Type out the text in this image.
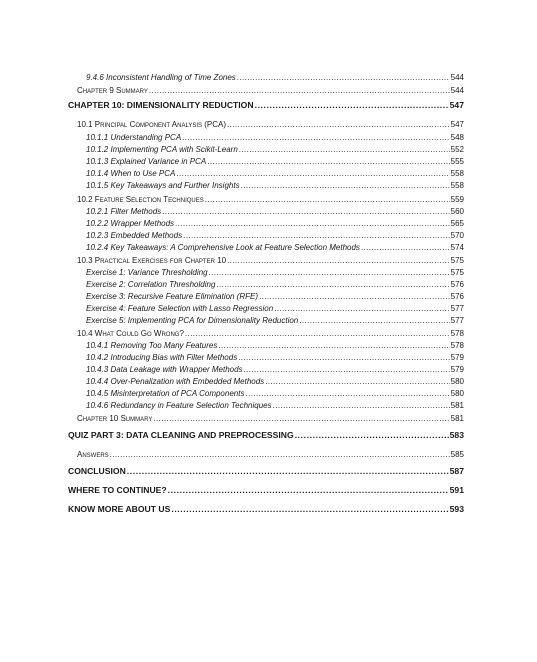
9.4.6 Inconsistent Handling of Time Zones .....	544
Chapter 9 Summary .....	544
CHAPTER 10: DIMENSIONALITY REDUCTION .....	547
10.1 Principal Component Analysis (PCA) .....	547
10.1.1 Understanding PCA .....	548
10.1.2 Implementing PCA with Scikit-Learn .....	552
10.1.3 Explained Variance in PCA .....	555
10.1.4 When to Use PCA .....	558
10.1.5 Key Takeaways and Further Insights .....	558
10.2 Feature Selection Techniques .....	559
10.2.1 Filter Methods .....	560
10.2.2 Wrapper Methods .....	565
10.2.3 Embedded Methods .....	570
10.2.4 Key Takeaways: A Comprehensive Look at Feature Selection Methods .....	574
10.3 Practical Exercises for Chapter 10 .....	575
Exercise 1: Variance Thresholding .....	575
Exercise 2: Correlation Thresholding .....	576
Exercise 3: Recursive Feature Elimination (RFE) .....	576
Exercise 4: Feature Selection with Lasso Regression .....	577
Exercise 5: Implementing PCA for Dimensionality Reduction .....	577
10.4 What Could Go Wrong? .....	578
10.4.1 Removing Too Many Features .....	578
10.4.2 Introducing Bias with Filter Methods .....	579
10.4.3 Data Leakage with Wrapper Methods .....	579
10.4.4 Over-Penalization with Embedded Methods .....	580
10.4.5 Misinterpretation of PCA Components .....	580
10.4.6 Redundancy in Feature Selection Techniques .....	581
Chapter 10 Summary .....	581
QUIZ PART 3: DATA CLEANING AND PREPROCESSING .....	583
Answers .....	585
CONCLUSION .....	587
WHERE TO CONTINUE? .....	591
KNOW MORE ABOUT US .....	593
